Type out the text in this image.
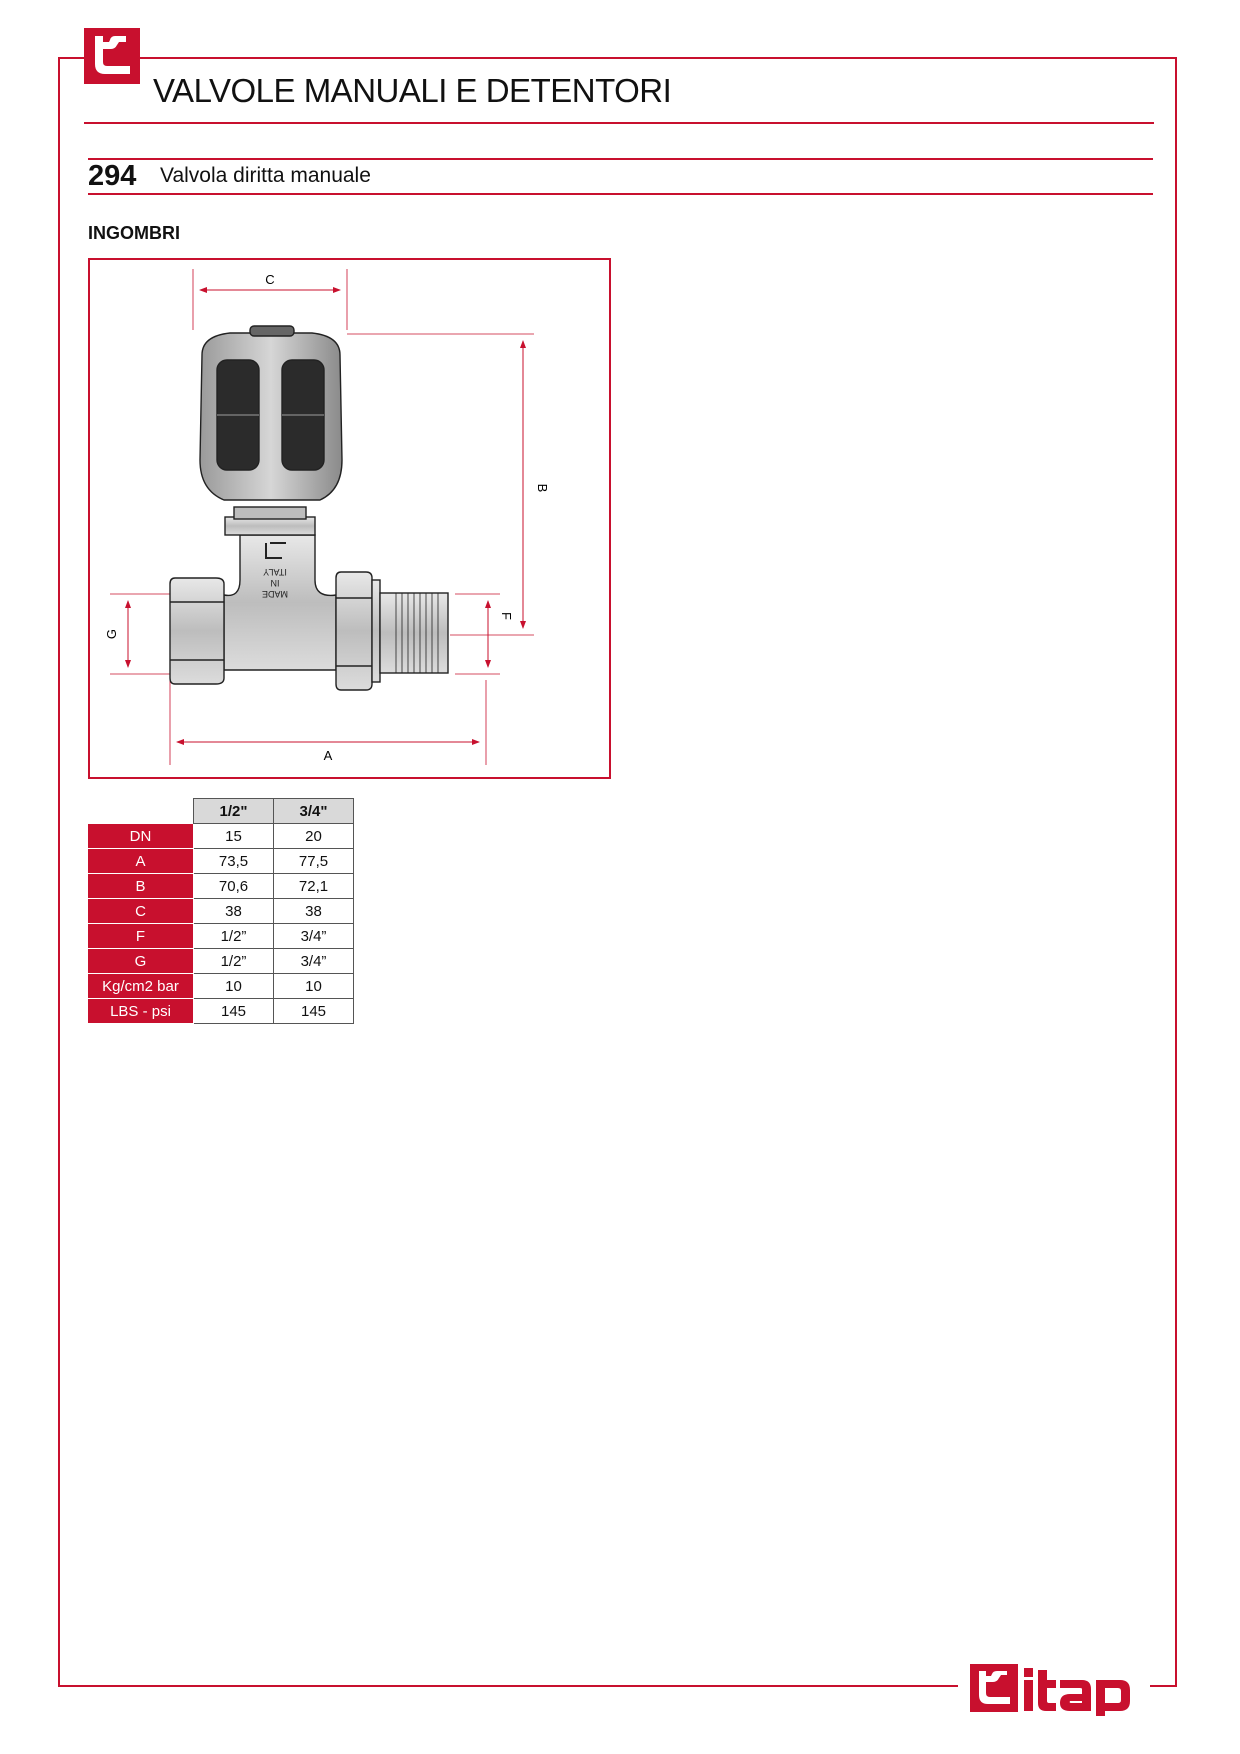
VALVOLE MANUALI E DETENTORI
294 Valvola diritta manuale
INGOMBRI
C
B
G
F
A
MADE
IN
ITALY
	1/2"	3/4"
DN	15	20
A	73,5	77,5
B	70,6	72,1
C	38	38
F	1/2”	3/4”
G	1/2”	3/4”
Kg/cm2 bar	10	10
LBS - psi	145	145
